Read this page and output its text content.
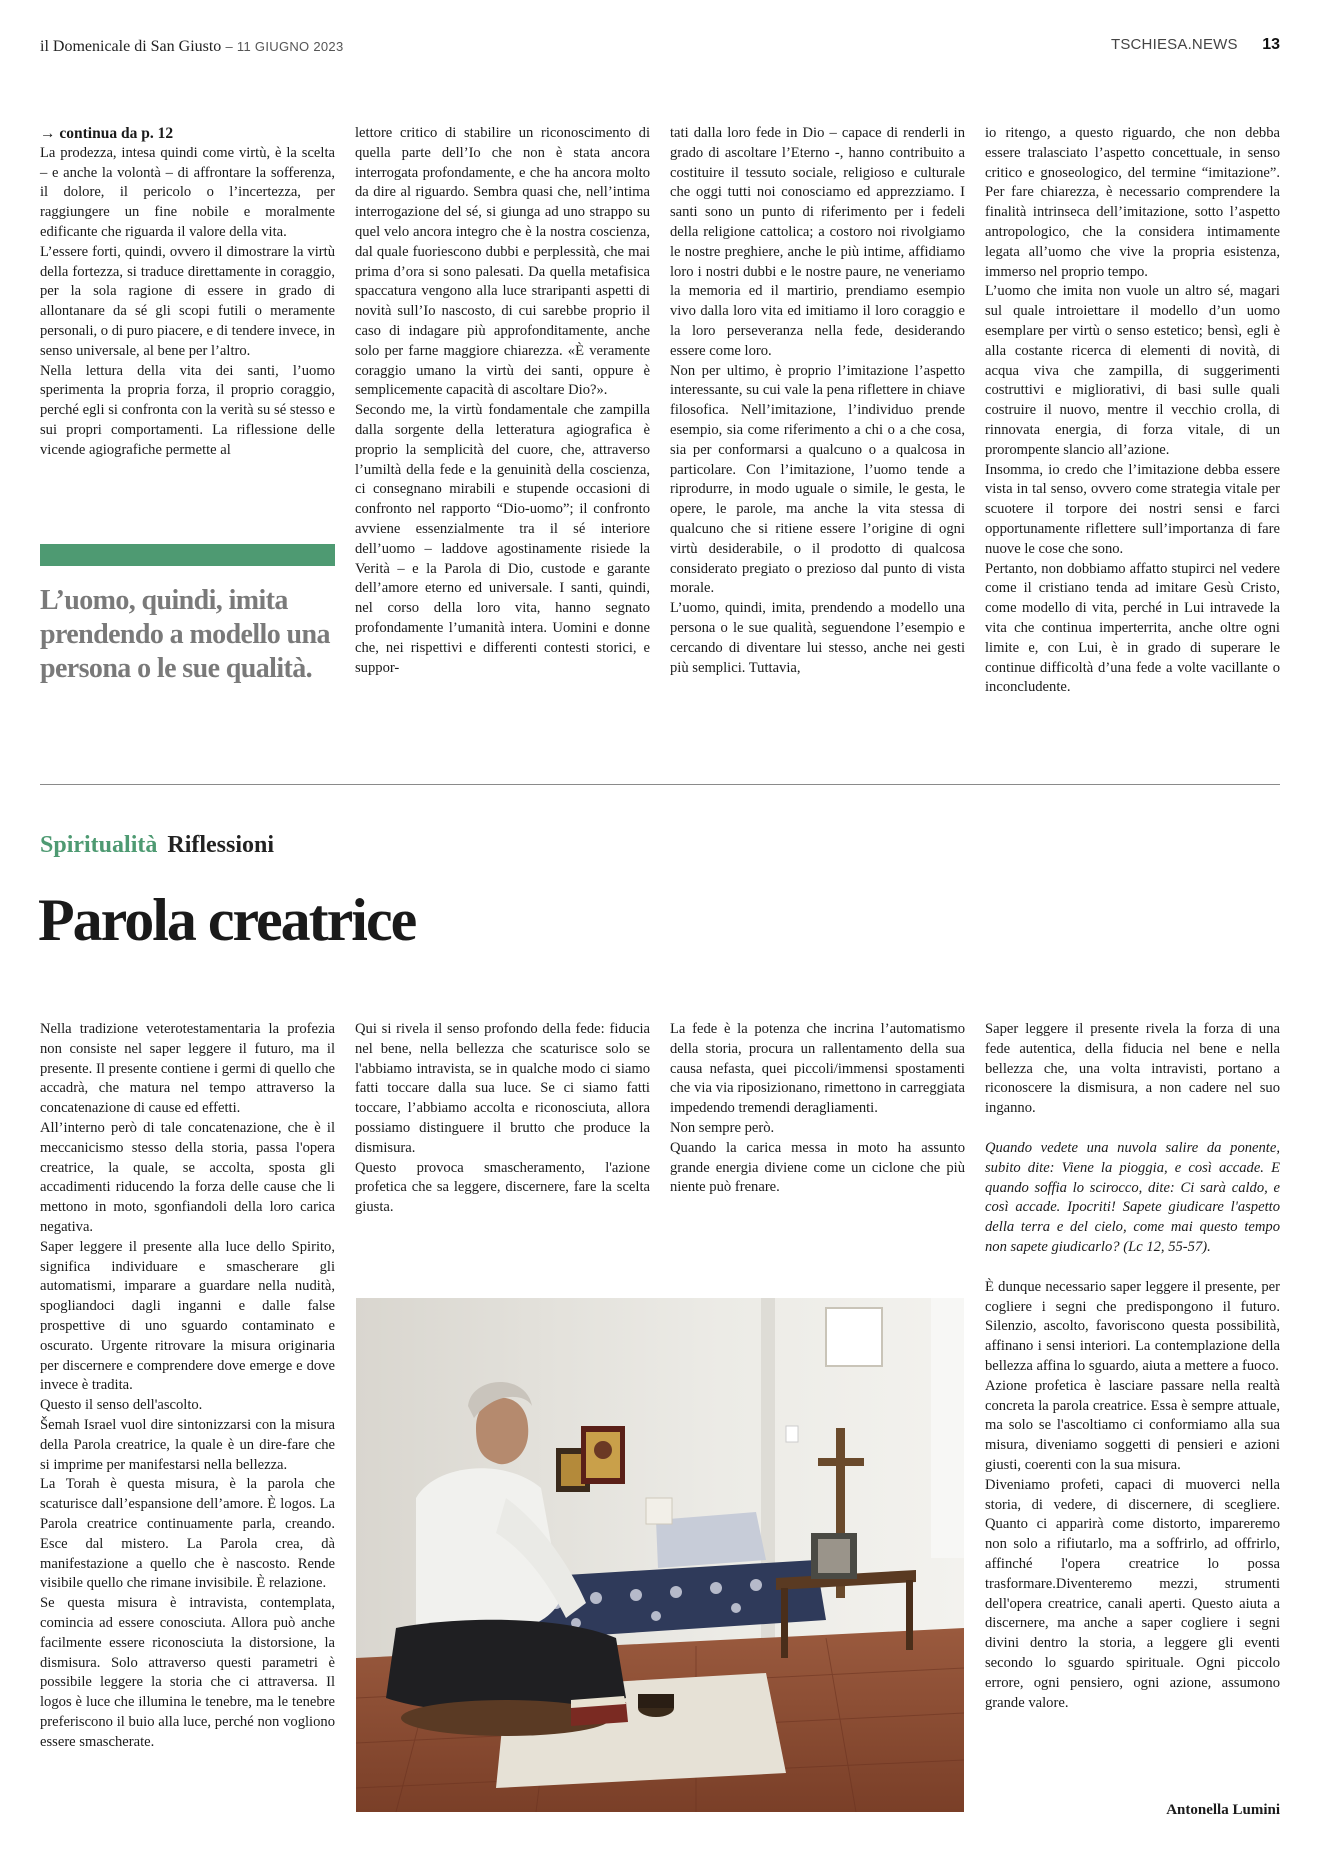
il Domenicale di San Giusto – 11 GIUGNO 2023	TSCHIESA.NEWS 13

→ continua da p. 12

La prodezza, intesa quindi come virtù, è la scelta – e anche la volontà – di affrontare la sofferenza, il dolore, il pericolo o l’incertezza, per raggiungere un fine nobile e moralmente edificante che riguarda il valore della vita.

L’essere forti, quindi, ovvero il dimostrare la virtù della fortezza, si traduce direttamente in coraggio, per la sola ragione di essere in grado di allontanare da sé gli scopi futili o meramente personali, o di puro piacere, e di tendere invece, in senso universale, al bene per l’altro.

Nella lettura della vita dei santi, l’uomo sperimenta la propria forza, il proprio coraggio, perché egli si confronta con la verità su sé stesso e sui propri comportamenti. La riflessione delle vicende agiografiche permette al

L’uomo, quindi, imita prendendo a modello una persona o le sue qualità.

lettore critico di stabilire un riconoscimento di quella parte dell’Io che non è stata ancora interrogata profondamente, e che ha ancora molto da dire al riguardo. Sembra quasi che, nell’intima interrogazione del sé, si giunga ad uno strappo su quel velo ancora integro che è la nostra coscienza, dal quale fuoriescono dubbi e perplessità, che mai prima d’ora si sono palesati. Da quella metafisica spaccatura vengono alla luce straripanti aspetti di novità sull’Io nascosto, di cui sarebbe proprio il caso di indagare più approfonditamente, anche solo per farne maggiore chiarezza. «È veramente coraggio umano la virtù dei santi, oppure è semplicemente capacità di ascoltare Dio?».

Secondo me, la virtù fondamentale che zampilla dalla sorgente della letteratura agiografica è proprio la semplicità del cuore, che, attraverso l’umiltà della fede e la genuinità della coscienza, ci consegnano mirabili e stupende occasioni di confronto nel rapporto “Dio-uomo”; il confronto avviene essenzialmente tra il sé interiore dell’uomo – laddove agostinamente risiede la Verità – e la Parola di Dio, custode e garante dell’amore eterno ed universale. I santi, quindi, nel corso della loro vita, hanno segnato profondamente l’umanità intera. Uomini e donne che, nei rispettivi e differenti contesti storici, e suppor-

tati dalla loro fede in Dio – capace di renderli in grado di ascoltare l’Eterno -, hanno contribuito a costituire il tessuto sociale, religioso e culturale che oggi tutti noi conosciamo ed apprezziamo. I santi sono un punto di riferimento per i fedeli della religione cattolica; a costoro noi rivolgiamo le nostre preghiere, anche le più intime, affidiamo loro i nostri dubbi e le nostre paure, ne veneriamo la memoria ed il martirio, prendiamo esempio vivo dalla loro vita ed imitiamo il loro coraggio e la loro perseveranza nella fede, desiderando essere come loro.

Non per ultimo, è proprio l’imitazione l’aspetto interessante, su cui vale la pena riflettere in chiave filosofica. Nell’imitazione, l’individuo prende esempio, sia come riferimento a chi o a che cosa, sia per conformarsi a qualcuno o a qualcosa in particolare. Con l’imitazione, l’uomo tende a riprodurre, in modo uguale o simile, le gesta, le opere, le parole, ma anche la vita stessa di qualcuno che si ritiene essere l’origine di ogni virtù desiderabile, o il prodotto di qualcosa considerato pregiato o prezioso dal punto di vista morale.

L’uomo, quindi, imita, prendendo a modello una persona o le sue qualità, seguendone l’esempio e cercando di diventare lui stesso, anche nei gesti più semplici. Tuttavia,

io ritengo, a questo riguardo, che non debba essere tralasciato l’aspetto concettuale, in senso critico e gnoseologico, del termine “imitazione”. Per fare chiarezza, è necessario comprendere la finalità intrinseca dell’imitazione, sotto l’aspetto antropologico, che la considera intimamente legata all’uomo che vive la propria esistenza, immerso nel proprio tempo.

L’uomo che imita non vuole un altro sé, magari sul quale introiettare il modello d’un uomo esemplare per virtù o senso estetico; bensì, egli è alla costante ricerca di elementi di novità, di acqua viva che zampilla, di suggerimenti costruttivi e migliorativi, di basi sulle quali costruire il nuovo, mentre il vecchio crolla, di rinnovata energia, di forza vitale, di un prorompente slancio all’azione.

Insomma, io credo che l’imitazione debba essere vista in tal senso, ovvero come strategia vitale per scuotere il torpore dei nostri sensi e farci opportunamente riflettere sull’importanza di fare nuove le cose che sono.

Pertanto, non dobbiamo affatto stupirci nel vedere come il cristiano tenda ad imitare Gesù Cristo, come modello di vita, perché in Lui intravede la vita che continua imperterrita, anche oltre ogni limite e, con Lui, è in grado di superare le continue difficoltà d’una fede a volte vacillante o inconcludente.

Spiritualità Riflessioni
Parola creatrice

Nella tradizione veterotestamentaria la profezia non consiste nel saper leggere il futuro, ma il presente. Il presente contiene i germi di quello che accadrà, che matura nel tempo attraverso la concatenazione di cause ed effetti.

All’interno però di tale concatenazione, che è il meccanicismo stesso della storia, passa l'opera creatrice, la quale, se accolta, sposta gli accadimenti riducendo la forza delle cause che li mettono in moto, sgonfiandoli della loro carica negativa.

Saper leggere il presente alla luce dello Spirito, significa individuare e smascherare gli automatismi, imparare a guardare nella nudità, spogliandoci dagli inganni e dalle false prospettive di uno sguardo contaminato e oscurato. Urgente ritrovare la misura originaria per discernere e comprendere dove emerge e dove invece è tradita.

Questo il senso dell'ascolto.

Šemah Israel vuol dire sintonizzarsi con la misura della Parola creatrice, la quale è un dire-fare che si imprime per manifestarsi nella bellezza.

La Torah è questa misura, è la parola che scaturisce dall’espansione dell’amore. È logos. La Parola creatrice continuamente parla, creando. Esce dal mistero. La Parola crea, dà manifestazione a quello che è nascosto. Rende visibile quello che rimane invisibile. È relazione.

Se questa misura è intravista, contemplata, comincia ad essere conosciuta. Allora può anche facilmente essere riconosciuta la distorsione, la dismisura. Solo attraverso questi parametri è possibile leggere la storia che ci attraversa. Il logos è luce che illumina le tenebre, ma le tenebre preferiscono il buio alla luce, perché non vogliono essere smascherate.

Qui si rivela il senso profondo della fede: fiducia nel bene, nella bellezza che scaturisce solo se l'abbiamo intravista, se in qualche modo ci siamo fatti toccare dalla sua luce. Se ci siamo fatti toccare, l’abbiamo accolta e riconosciuta, allora possiamo distinguere il brutto che produce la dismisura.

Questo provoca smascheramento, l'azione profetica che sa leggere, discernere, fare la scelta giusta.

La fede è la potenza che incrina l’automatismo della storia, procura un rallentamento della sua causa nefasta, quei piccoli/immensi spostamenti che via via riposizionano, rimettono in carreggiata impedendo tremendi deragliamenti.

Non sempre però.

Quando la carica messa in moto ha assunto grande energia diviene come un ciclone che più niente può frenare.

Saper leggere il presente rivela la forza di una fede autentica, della fiducia nel bene e nella bellezza che, una volta intravisti, portano a riconoscere la dismisura, a non cadere nel suo inganno.

Quando vedete una nuvola salire da ponente, subito dite: Viene la pioggia, e così accade. E quando soffia lo scirocco, dite: Ci sarà caldo, e così accade. Ipocriti! Sapete giudicare l'aspetto della terra e del cielo, come mai questo tempo non sapete giudicarlo? (Lc 12, 55-57).

È dunque necessario saper leggere il presente, per cogliere i segni che predispongono il futuro. Silenzio, ascolto, favoriscono questa possibilità, affinano i sensi interiori. La contemplazione della bellezza affina lo sguardo, aiuta a mettere a fuoco.

Azione profetica è lasciare passare nella realtà concreta la parola creatrice. Essa è sempre attuale, ma solo se l'ascoltiamo ci conformiamo alla sua misura, diveniamo soggetti di pensieri e azioni giusti, coerenti con la sua misura.

Diveniamo profeti, capaci di muoverci nella storia, di vedere, di discernere, di scegliere. Quanto ci apparirà come distorto, impareremo non solo a rifiutarlo, ma a soffrirlo, ad offrirlo, affinché l'opera creatrice lo possa trasformare.Diventeremo mezzi, strumenti dell'opera creatrice, canali aperti. Questo aiuta a discernere, ma anche a saper cogliere i segni divini dentro la storia, a leggere gli eventi secondo lo sguardo spirituale. Ogni piccolo errore, ogni pensiero, ogni azione, assumono grande valore.

Antonella Lumini
